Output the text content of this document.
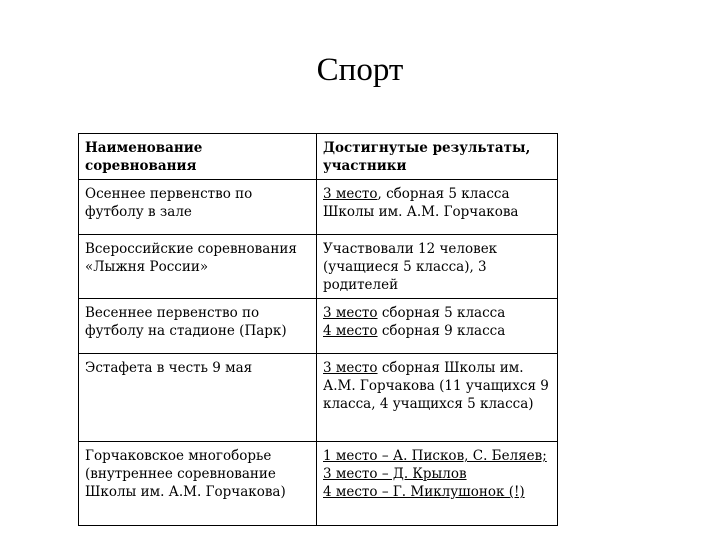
Спорт
Наименование соревнования	Достигнутые результаты, участники
Осеннее первенство по футболу в зале	3 место, сборная 5 класса Школы им. А.М. Горчакова
Всероссийские соревнования «Лыжня России»	Участвовали 12 человек (учащиеся 5 класса), 3 родителей
Весеннее первенство по футболу на стадионе (Парк)	3 место сборная 5 класса
4 место сборная 9 класса

Эстафета в честь 9 мая	3 место сборная Школы им. А.М. Горчакова (11 учащихся 9 класса, 4 учащихся 5 класса)
Горчаковское многоборье (внутреннее соревнование Школы им. А.М. Горчакова)	1 место – А. Писков, С. Беляев;
3 место – Д. Крылов
4 место – Г. Миклушонок (!)
